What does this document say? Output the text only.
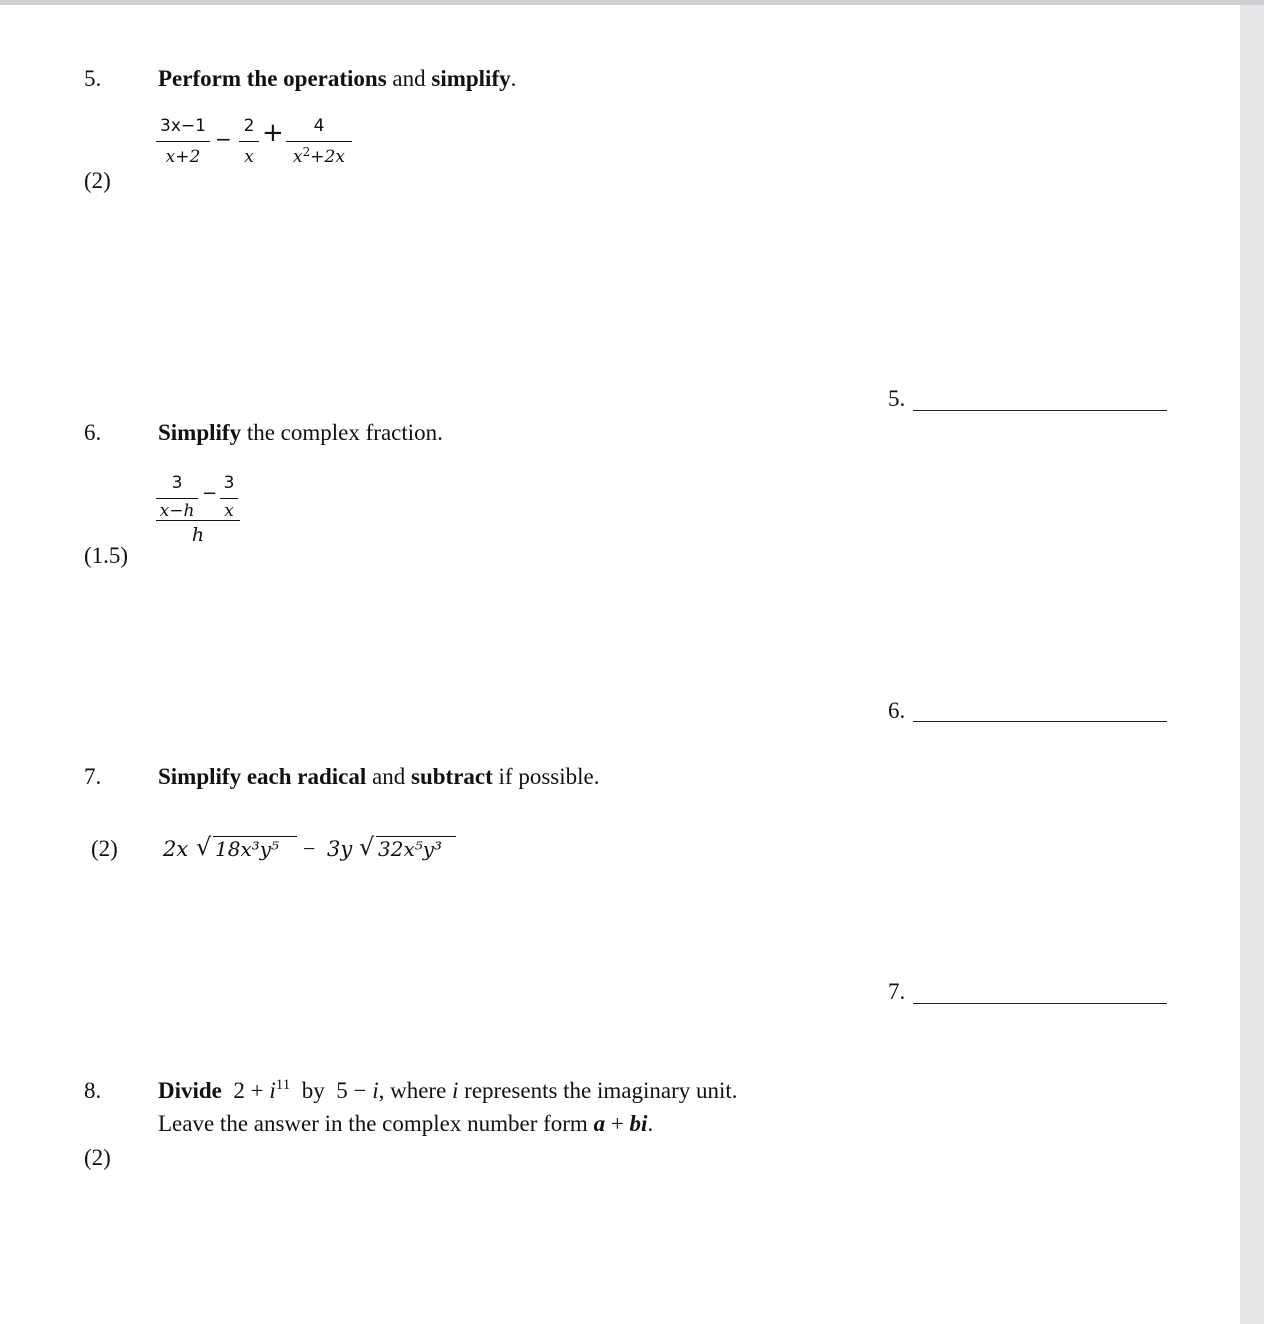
5. Perform the operations and simplify.
3x−1
x+2
−
2
x
+	4
$x^2+2x$
(2)
5.
6. Simplify the complex fraction.
3
x−h
− 3
x
h
(1.5)
6.
7. Simplify each radical and subtract if possible.
(2) 2x √ 18x³y⁵ − 3y √ 32x⁵y³
7.
8. Divide  $2 + i^{11}$  by  5 − i, where i represents the imaginary unit.
Leave the answer in the complex number form a + bi.
(2)
